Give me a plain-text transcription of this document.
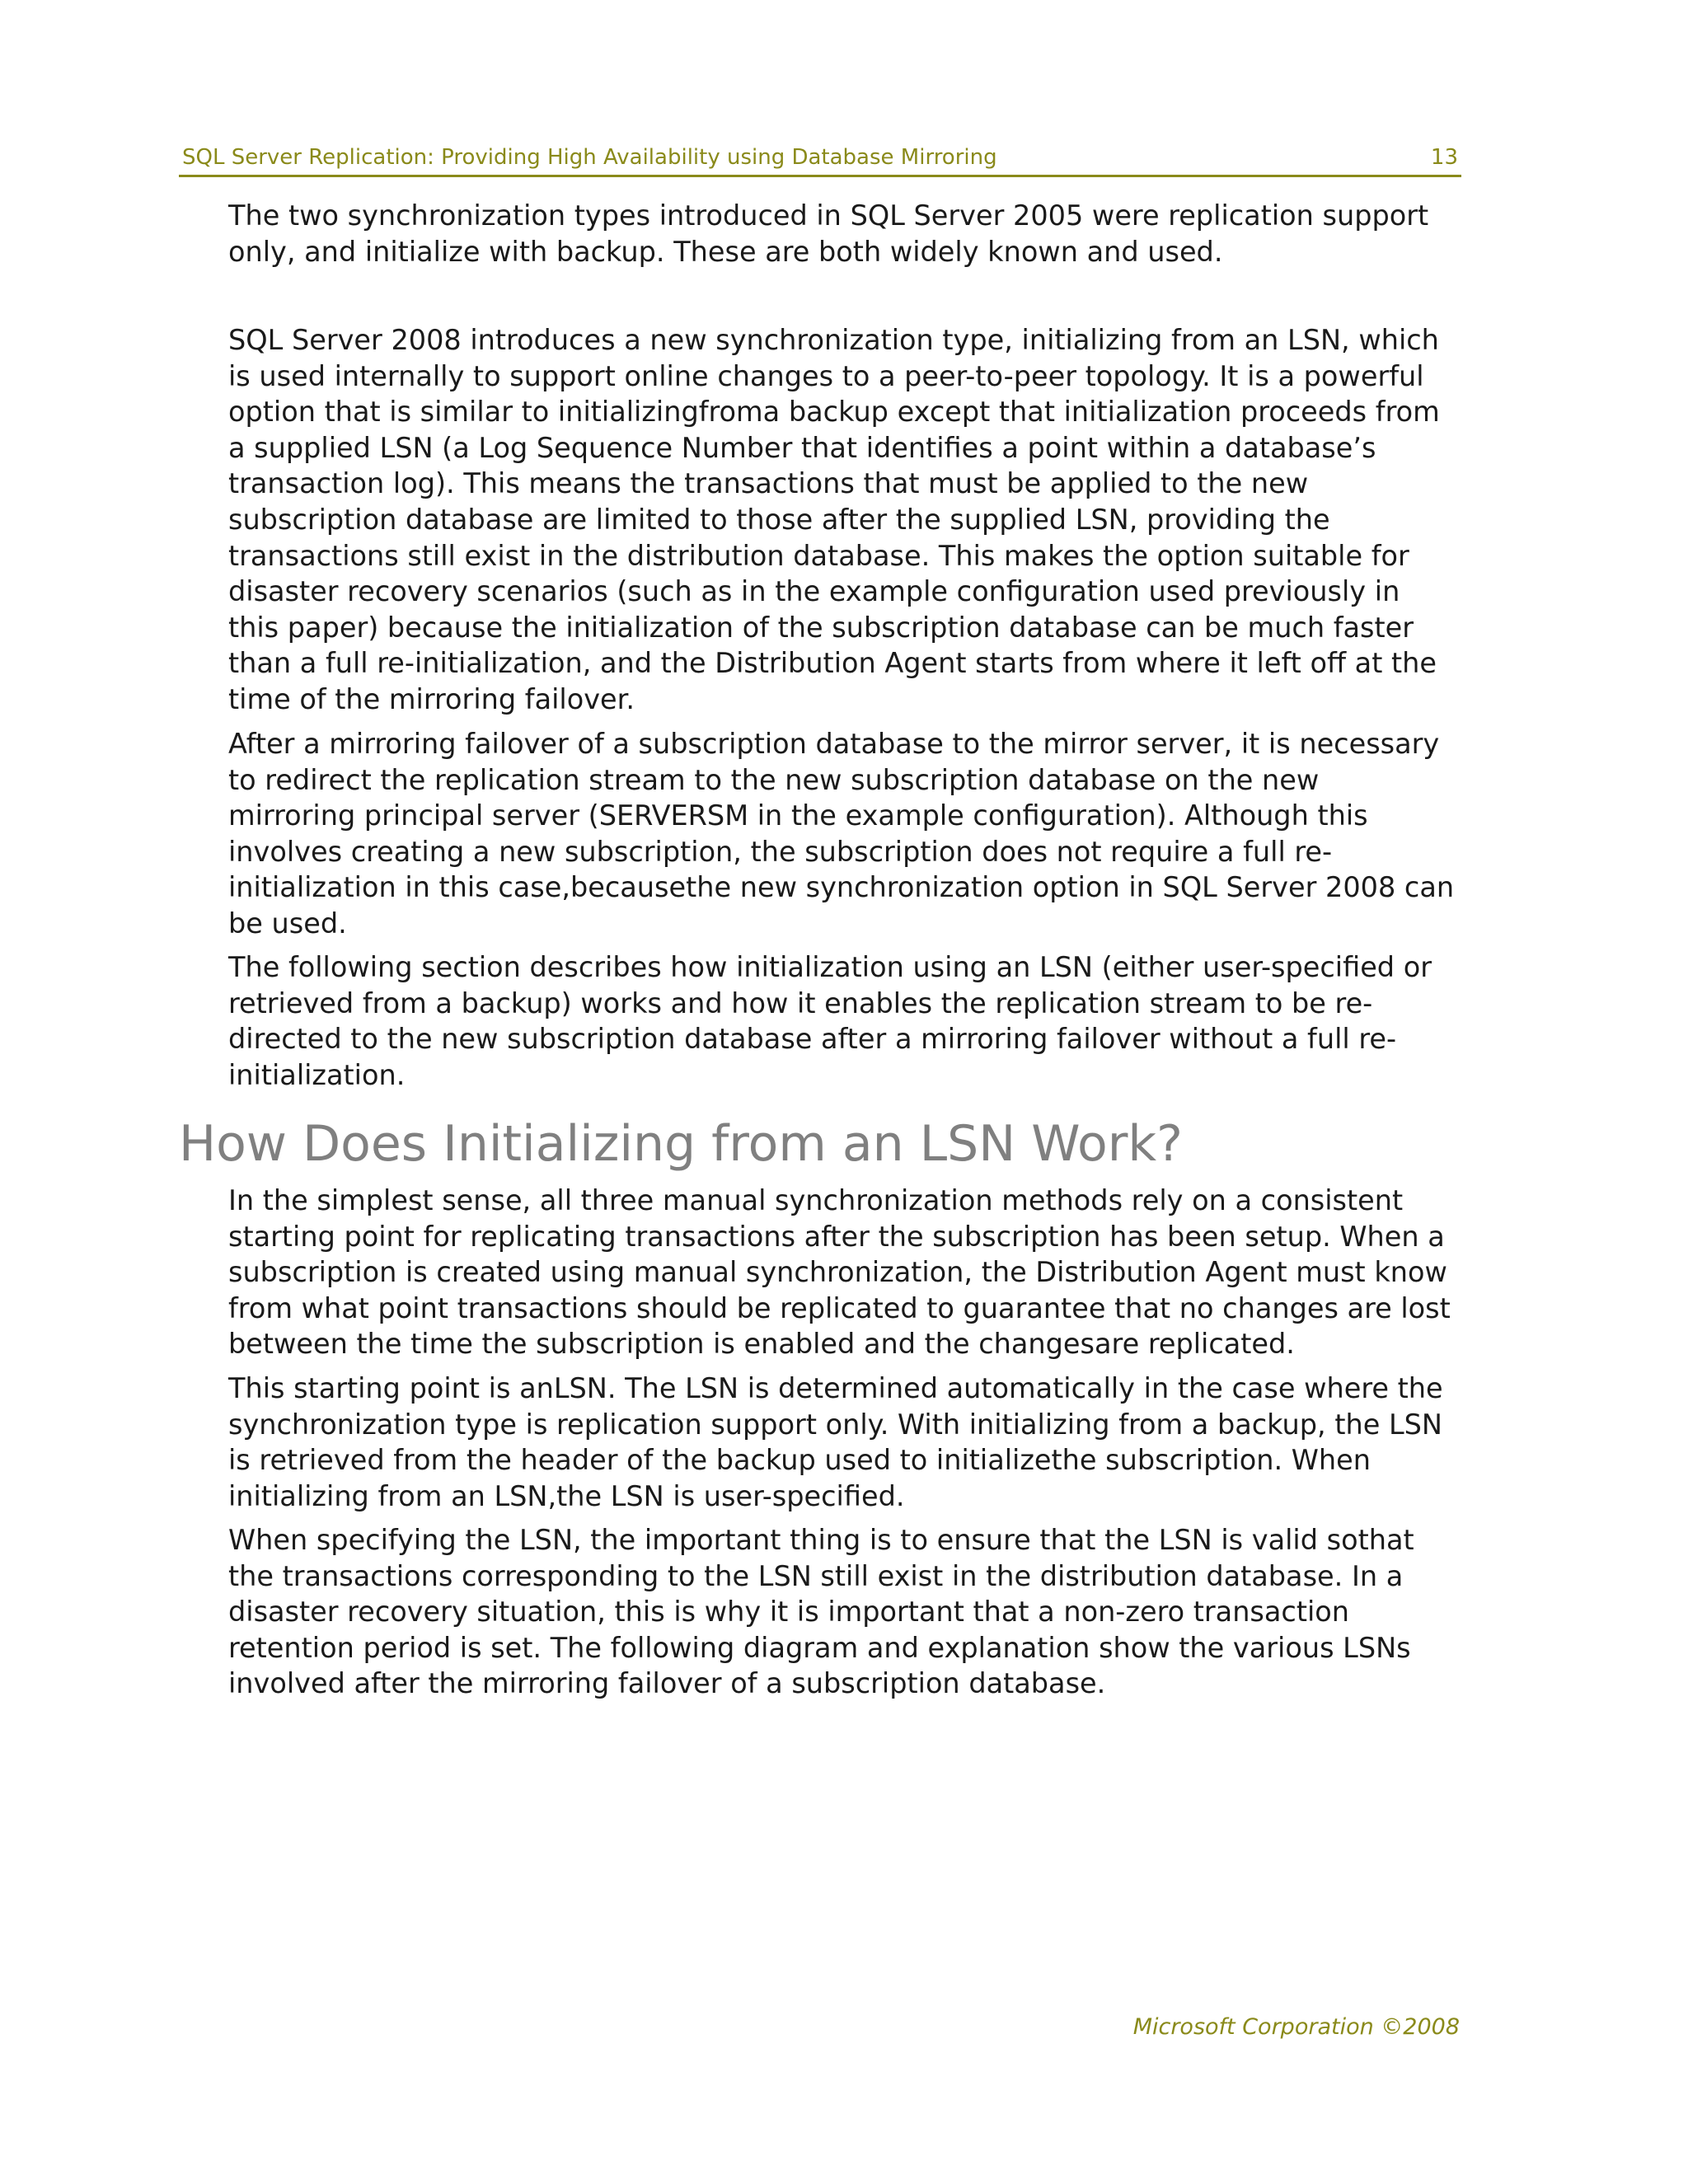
SQL Server Replication: Providing High Availability using Database Mirroring	13

The two synchronization types introduced in SQL Server 2005 were replication support
only, and initialize with backup. These are both widely known and used.

SQL Server 2008 introduces a new synchronization type, initializing from an LSN, which
is used internally to support online changes to a peer-to-peer topology. It is a powerful
option that is similar to initializingfroma backup except that initialization proceeds from
a supplied LSN (a Log Sequence Number that identifies a point within a database’s
transaction log). This means the transactions that must be applied to the new
subscription database are limited to those after the supplied LSN, providing the
transactions still exist in the distribution database. This makes the option suitable for
disaster recovery scenarios (such as in the example configuration used previously in
this paper) because the initialization of the subscription database can be much faster
than a full re-initialization, and the Distribution Agent starts from where it left off at the
time of the mirroring failover.

After a mirroring failover of a subscription database to the mirror server, it is necessary
to redirect the replication stream to the new subscription database on the new
mirroring principal server (SERVERSM in the example configuration). Although this
involves creating a new subscription, the subscription does not require a full re-
initialization in this case,becausethe new synchronization option in SQL Server 2008 can
be used.

The following section describes how initialization using an LSN (either user-specified or
retrieved from a backup) works and how it enables the replication stream to be re-
directed to the new subscription database after a mirroring failover without a full re-
initialization.

How Does Initializing from an LSN Work?

In the simplest sense, all three manual synchronization methods rely on a consistent
starting point for replicating transactions after the subscription has been setup. When a
subscription is created using manual synchronization, the Distribution Agent must know
from what point transactions should be replicated to guarantee that no changes are lost
between the time the subscription is enabled and the changesare replicated.

This starting point is anLSN. The LSN is determined automatically in the case where the
synchronization type is replication support only. With initializing from a backup, the LSN
is retrieved from the header of the backup used to initializethe subscription. When
initializing from an LSN,the LSN is user-specified.

When specifying the LSN, the important thing is to ensure that the LSN is valid sothat
the transactions corresponding to the LSN still exist in the distribution database. In a
disaster recovery situation, this is why it is important that a non-zero transaction
retention period is set. The following diagram and explanation show the various LSNs
involved after the mirroring failover of a subscription database.

Microsoft Corporation ©2008
